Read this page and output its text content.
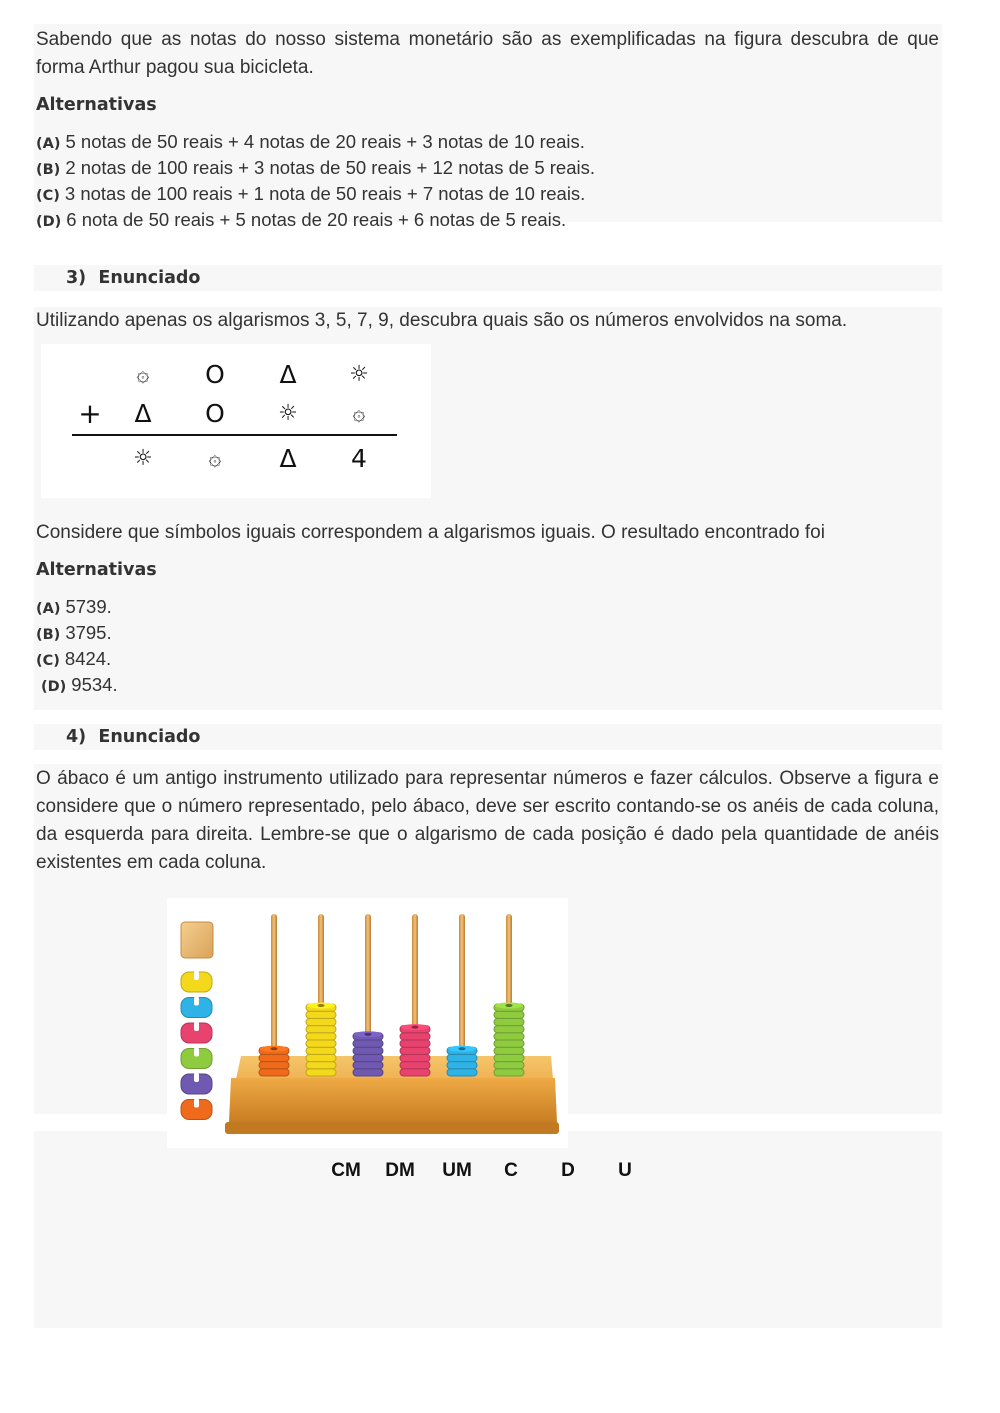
Sabendo que as notas do nosso sistema monetário são as exemplificadas na figura descubra de que forma Arthur pagou sua bicicleta.
Alternativas
(A) 5 notas de 50 reais + 4 notas de 20 reais + 3 notas de 10 reais.
(B) 2 notas de 100 reais + 3 notas de 50 reais + 12 notas de 5 reais.
(C) 3 notas de 100 reais + 1 nota de 50 reais + 7 notas de 10 reais.
(D) 6 nota de 50 reais + 5 notas de 20 reais + 6 notas de 5 reais.
3) Enunciado
Utilizando apenas os algarismos 3, 5, 7, 9, descubra quais são os números envolvidos na soma.
+
۞	O	Δ	☼
Δ	O	☼	۞
☼	۞	Δ	4
Considere que símbolos iguais correspondem a algarismos iguais. O resultado encontrado foi
Alternativas
(A) 5739.
(B) 3795.
(C) 8424.
(D) 9534.
4) Enunciado
O ábaco é um antigo instrumento utilizado para representar números e fazer cálculos. Observe a figura e considere que o número representado, pelo ábaco, deve ser escrito contando-se os anéis de cada coluna, da esquerda para direita. Lembre-se que o algarismo de cada posição é dado pela quantidade de anéis existentes em cada coluna.
CM	DM	UM	C	D	U
